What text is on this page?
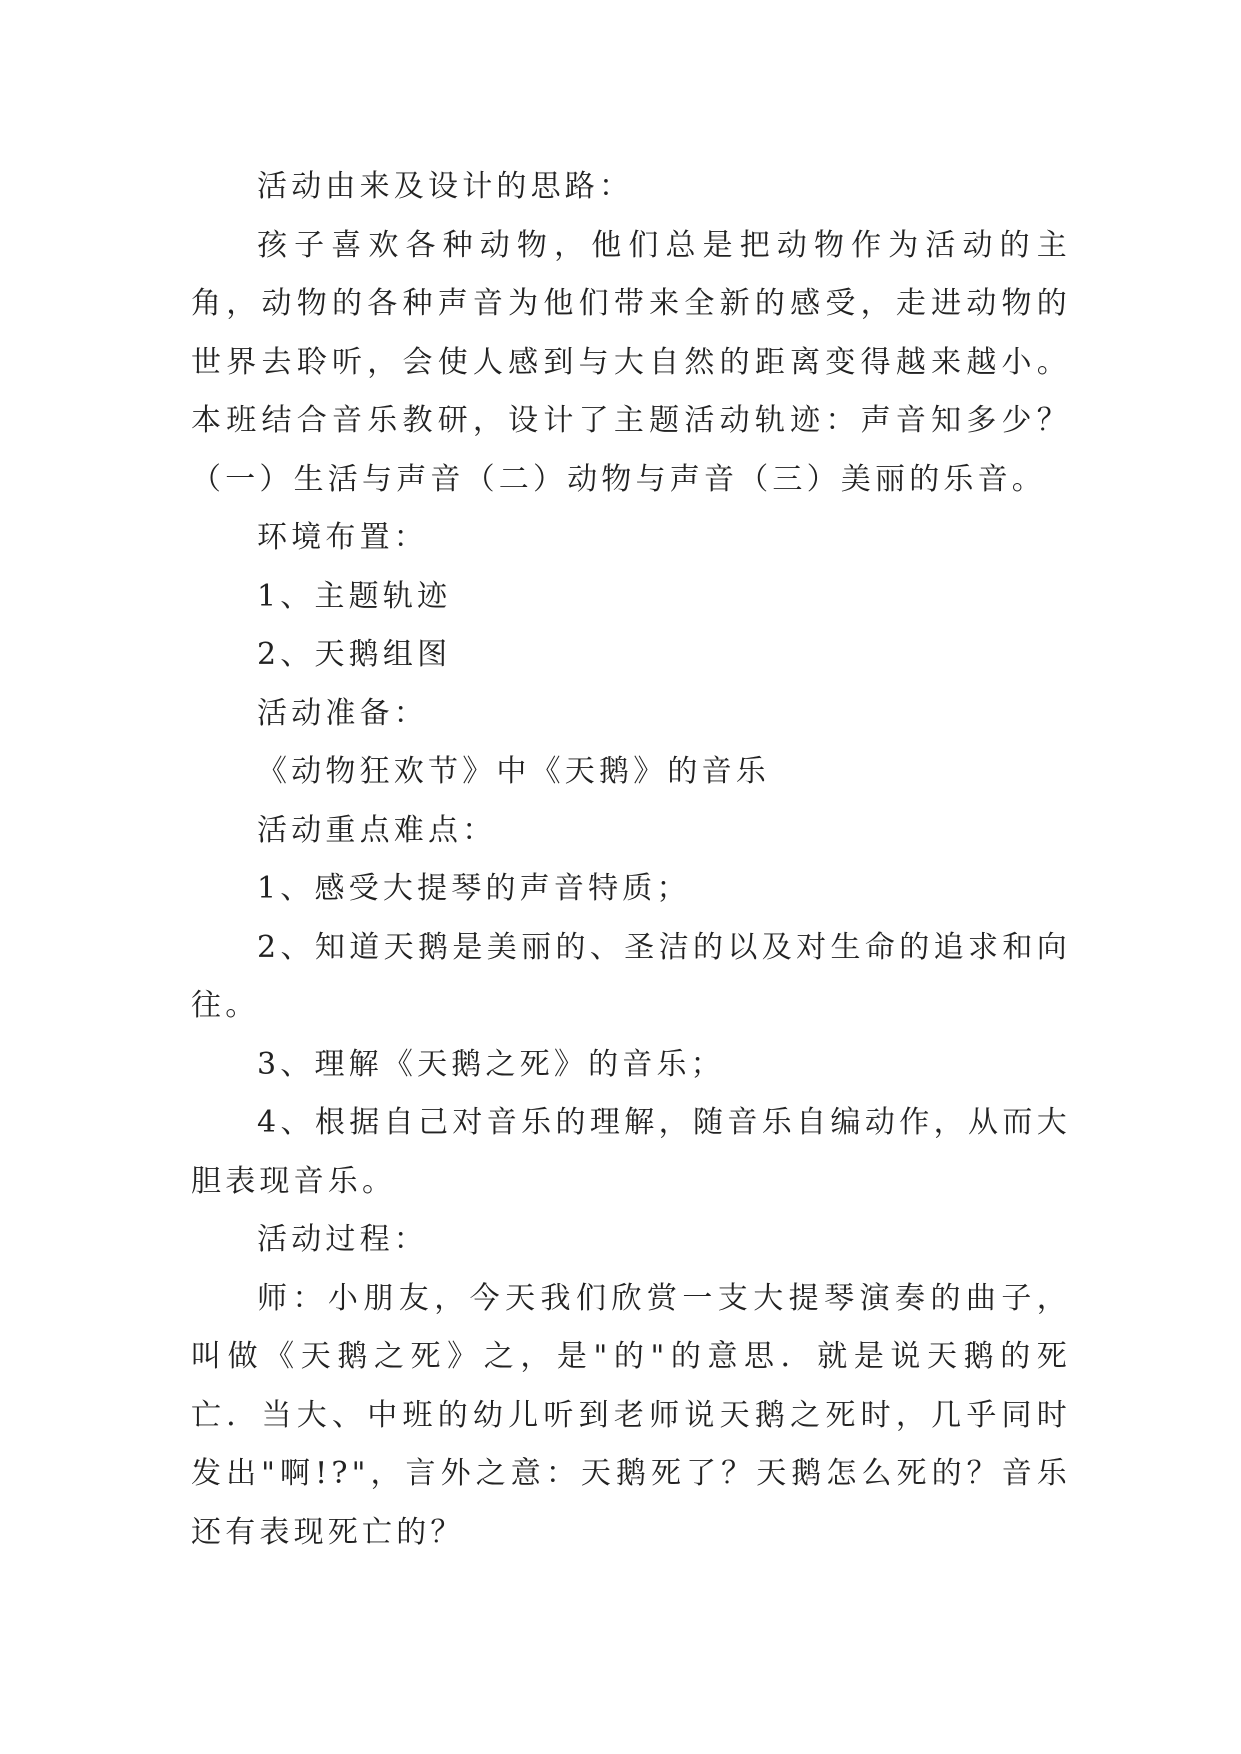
活动由来及设计的思路：

孩子喜欢各种动物，他们总是把动物作为活动的主角，动物的各种声音为他们带来全新的感受，走进动物的世界去聆听，会使人感到与大自然的距离变得越来越小。本班结合音乐教研，设计了主题活动轨迹：声音知多少？（一）生活与声音（二）动物与声音（三）美丽的乐音。

环境布置：

1、主题轨迹

2、天鹅组图

活动准备：

《动物狂欢节》中《天鹅》的音乐

活动重点难点：

1、感受大提琴的声音特质；

2、知道天鹅是美丽的、圣洁的以及对生命的追求和向往。

3、理解《天鹅之死》的音乐；

4、根据自己对音乐的理解，随音乐自编动作，从而大胆表现音乐。

活动过程：

师：小朋友，今天我们欣赏一支大提琴演奏的曲子，叫做《天鹅之死》之，是"的"的意思．就是说天鹅的死亡．当大、中班的幼儿听到老师说天鹅之死时，几乎同时发出"啊!?"，言外之意：天鹅死了？天鹅怎么死的？音乐还有表现死亡的？
